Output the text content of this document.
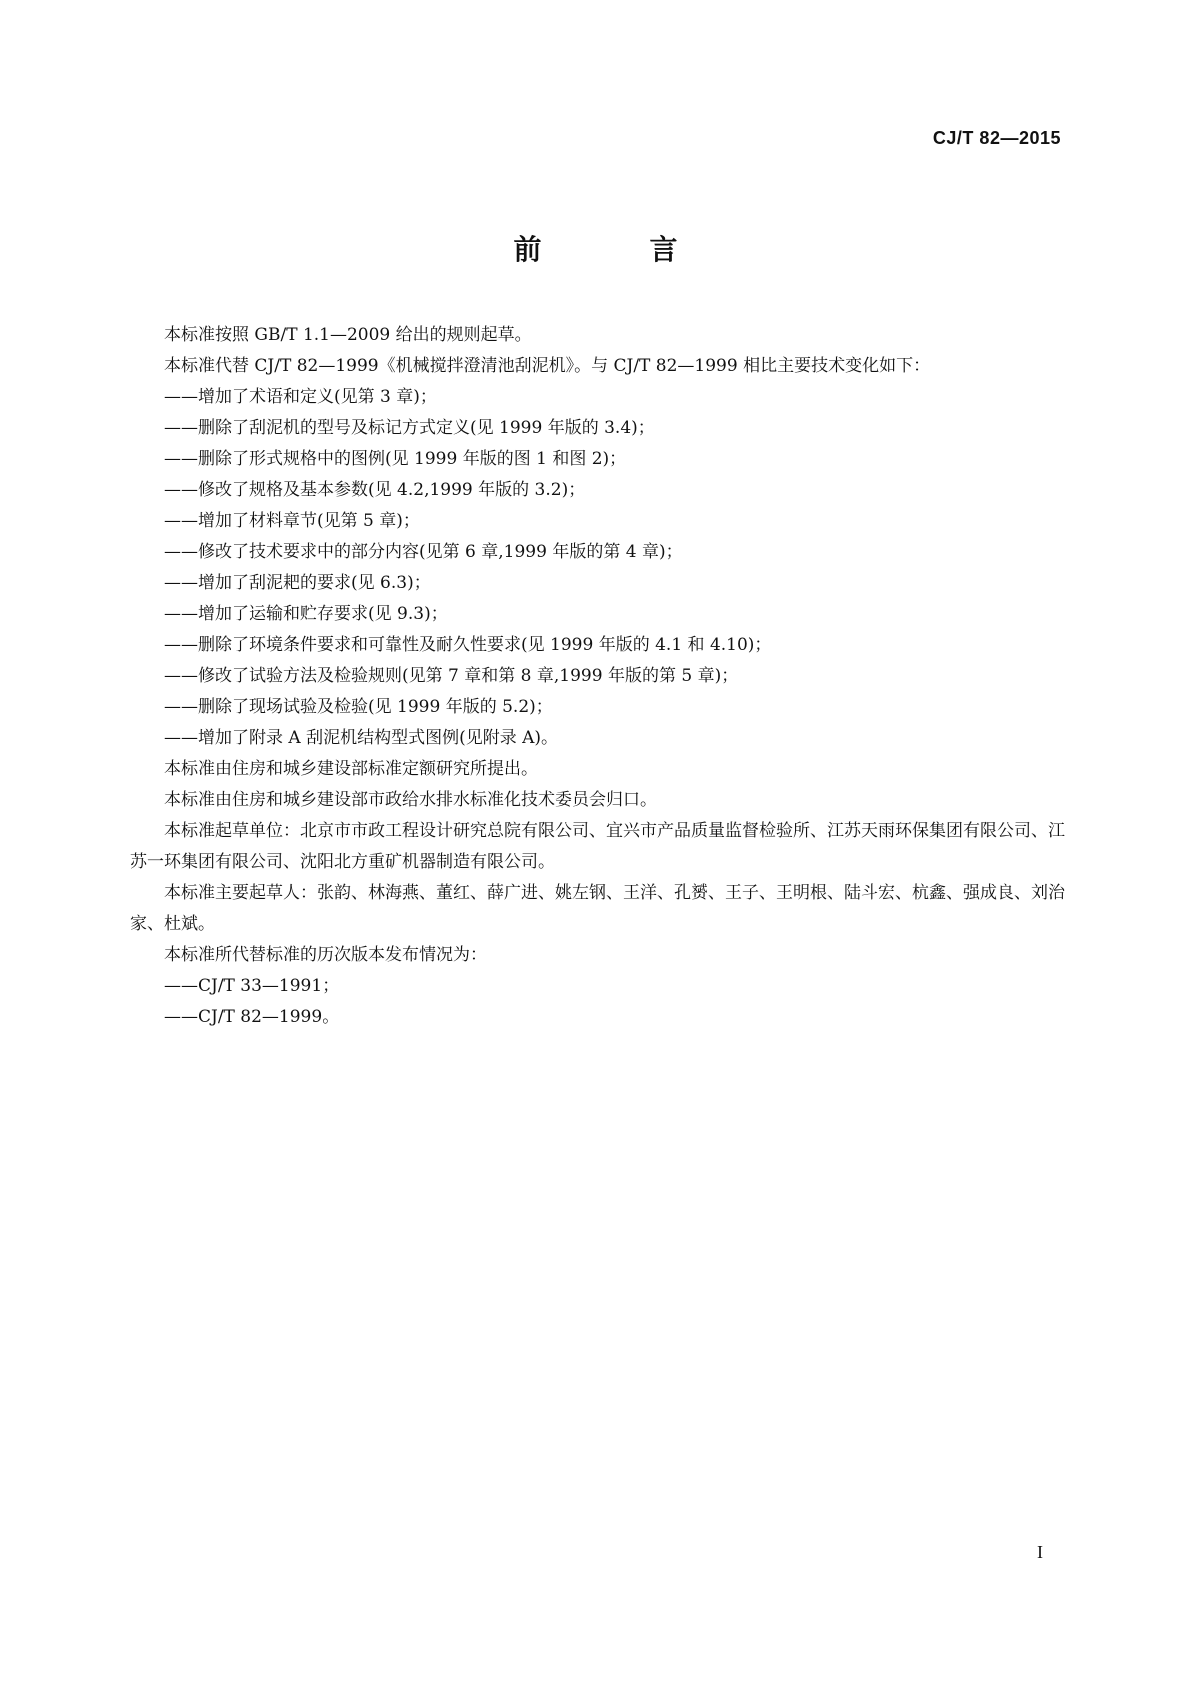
CJ/T 82—2015
前　言

本标准按照 GB/T 1.1—2009 给出的规则起草。

本标准代替 CJ/T 82—1999《机械搅拌澄清池刮泥机》。与 CJ/T 82—1999 相比主要技术变化如下：

——增加了术语和定义(见第 3 章)；

——删除了刮泥机的型号及标记方式定义(见 1999 年版的 3.4)；

——删除了形式规格中的图例(见 1999 年版的图 1 和图 2)；

——修改了规格及基本参数(见 4.2,1999 年版的 3.2)；

——增加了材料章节(见第 5 章)；

——修改了技术要求中的部分内容(见第 6 章,1999 年版的第 4 章)；

——增加了刮泥耙的要求(见 6.3)；

——增加了运输和贮存要求(见 9.3)；

——删除了环境条件要求和可靠性及耐久性要求(见 1999 年版的 4.1 和 4.10)；

——修改了试验方法及检验规则(见第 7 章和第 8 章,1999 年版的第 5 章)；

——删除了现场试验及检验(见 1999 年版的 5.2)；

——增加了附录 A 刮泥机结构型式图例(见附录 A)。

本标准由住房和城乡建设部标准定额研究所提出。

本标准由住房和城乡建设部市政给水排水标准化技术委员会归口。

本标准起草单位：北京市市政工程设计研究总院有限公司、宜兴市产品质量监督检验所、江苏天雨环保集团有限公司、江苏一环集团有限公司、沈阳北方重矿机器制造有限公司。

本标准主要起草人：张韵、林海燕、董红、薛广进、姚左钢、王洋、孔赟、王子、王明根、陆斗宏、杭鑫、强成良、刘治家、杜斌。

本标准所代替标准的历次版本发布情况为：

——CJ/T 33—1991；

——CJ/T 82—1999。

I
